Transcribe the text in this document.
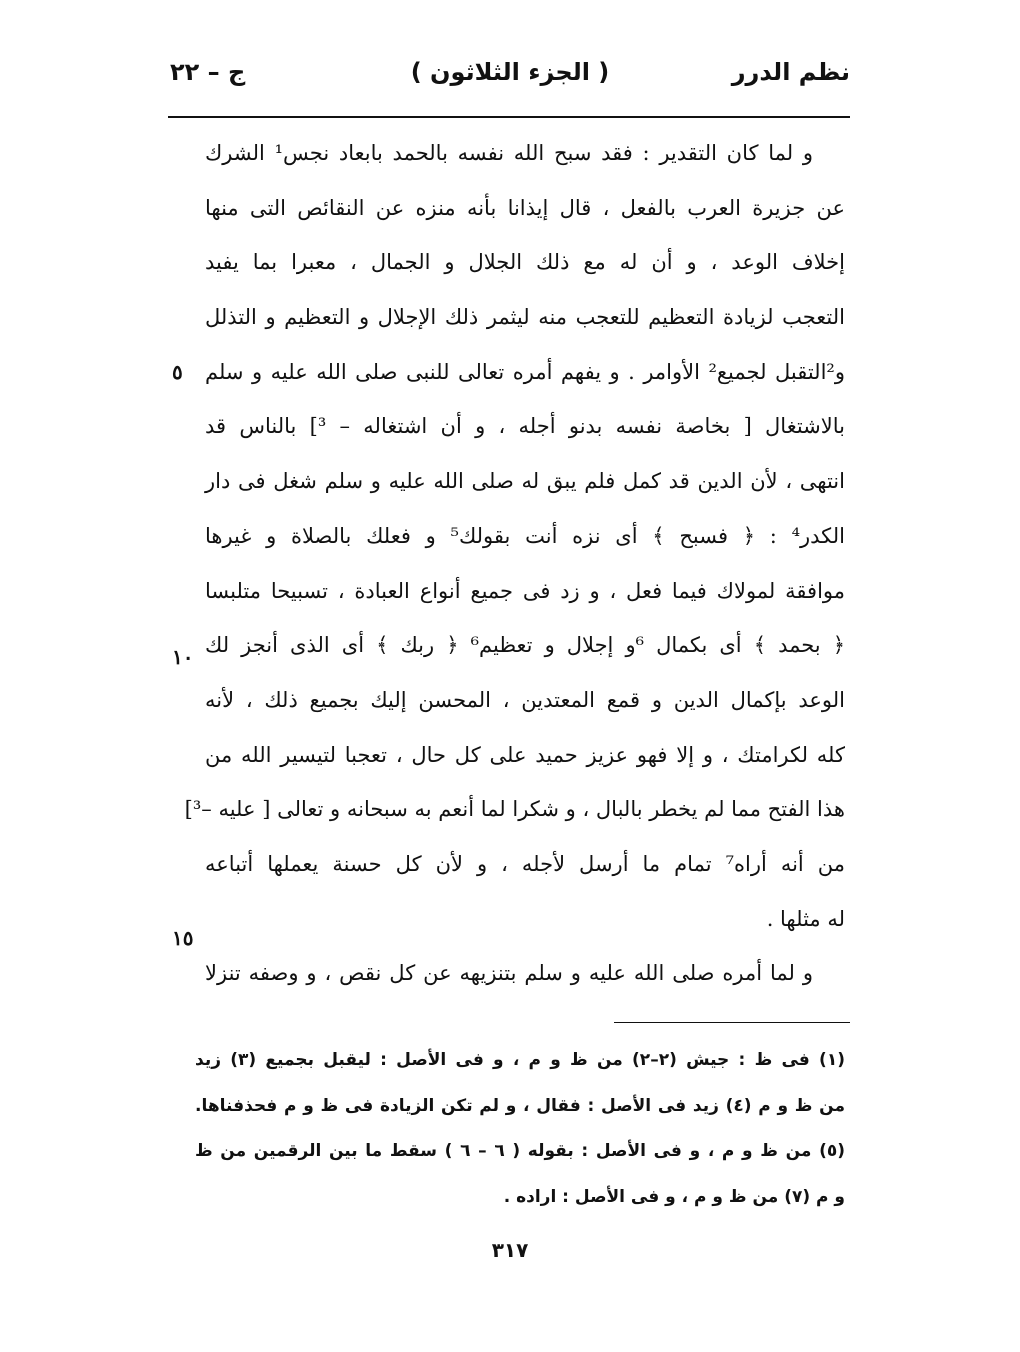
نظم الدرر
( الجزء الثلاثون )
ج – ٢٢
و لما كان التقدير : فقد سبح الله نفسه بالحمد بابعاد نجس¹ الشرك
عن جزيرة العرب بالفعل ، قال إيذانا بأنه منزه عن النقائص التى منها
إخلاف الوعد ، و أن له مع ذلك الجلال و الجمال ، معبرا بما يفيد
التعجب لزيادة التعظيم للتعجب منه ليثمر ذلك الإجلال و التعظيم و التذلل
و²التقبل لجميع² الأوامر . و يفهم أمره تعالى للنبى صلى الله عليه و سلم
بالاشتغال [ بخاصة نفسه بدنو أجله ، و أن اشتغاله – ³] بالناس قد
انتهى ، لأن الدين قد كمل فلم يبق له صلى الله عليه و سلم شغل فى دار
الكدر⁴ : ﴿ فسبح ﴾ أى نزه أنت بقولك⁵ و فعلك بالصلاة و غيرها
موافقة لمولاك فيما فعل ، و زد فى جميع أنواع العبادة ، تسبيحا متلبسا
﴿ بحمد ﴾ أى بكمال ⁶و إجلال و تعظيم⁶ ﴿ ربك ﴾ أى الذى أنجز لك
الوعد بإكمال الدين و قمع المعتدين ، المحسن إليك بجميع ذلك ، لأنه
كله لكرامتك ، و إلا فهو عزيز حميد على كل حال ، تعجبا لتيسير الله من
هذا الفتح مما لم يخطر بالبال ، و شكرا لما أنعم به سبحانه و تعالى [ عليه –³]
من أنه أراه⁷ تمام ما أرسل لأجله ، و لأن كل حسنة يعملها أتباعه
له مثلها .
و لما أمره صلى الله عليه و سلم بتنزيهه عن كل نقص ، و وصفه تنزلا
٥
١٠
١٥
(١) فى ظ : جيش (٢–٢) من ظ و م ، و فى الأصل : ليقبل بجميع (٣) زيد
من ظ و م (٤) زيد فى الأصل : فقال ، و لم تكن الزيادة فى ظ و م فحذفناها.
(٥) من ظ و م ، و فى الأصل : بقوله ( ٦ – ٦ ) سقط ما بين الرقمين من ظ
و م (٧) من ظ و م ، و فى الأصل : اراده .
٣١٧
